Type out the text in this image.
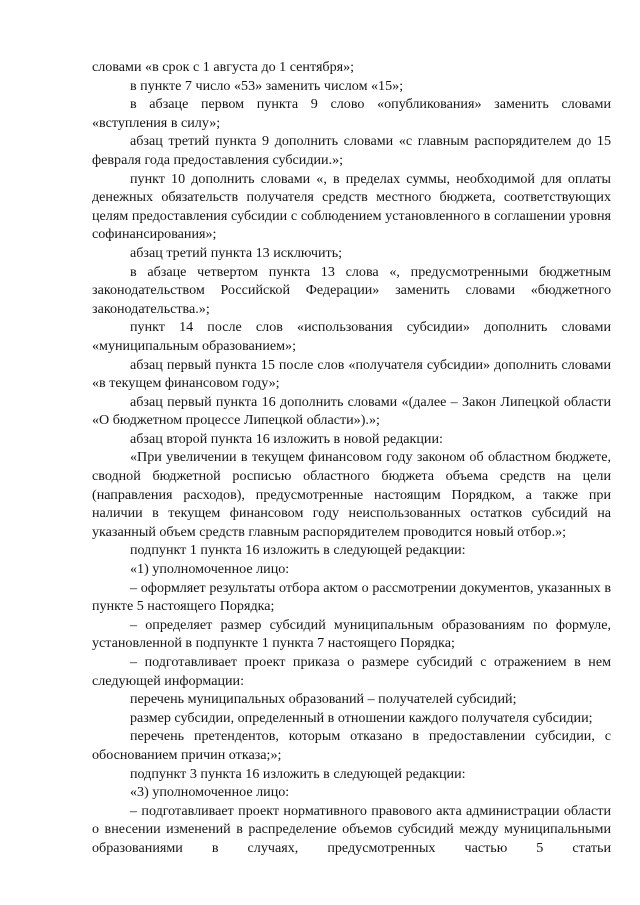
словами «в срок с 1 августа до 1 сентября»;

в пункте 7 число «53» заменить числом «15»;

в абзаце первом пункта 9 слово «опубликования» заменить словами «вступления в силу»;

абзац третий пункта 9 дополнить словами «с главным распорядителем до 15 февраля года предоставления субсидии.»;

пункт 10 дополнить словами «, в пределах суммы, необходимой для оплаты денежных обязательств получателя средств местного бюджета, соответствующих целям предоставления субсидии с соблюдением установленного в соглашении уровня софинансирования»;

абзац третий пункта 13 исключить;

в абзаце четвертом пункта 13 слова «, предусмотренными бюджетным законодательством Российской Федерации» заменить словами «бюджетного законодательства.»;

пункт 14 после слов «использования субсидии» дополнить словами «муниципальным образованием»;

абзац первый пункта 15 после слов «получателя субсидии» дополнить словами «в текущем финансовом году»;

абзац первый пункта 16 дополнить словами «(далее – Закон Липецкой области «О бюджетном процессе Липецкой области»).»;

абзац второй пункта 16 изложить в новой редакции:

«При увеличении в текущем финансовом году законом об областном бюджете, сводной бюджетной росписью областного бюджета объема средств на цели (направления расходов), предусмотренные настоящим Порядком, а также при наличии в текущем финансовом году неиспользованных остатков субсидий на указанный объем средств главным распорядителем проводится новый отбор.»;

подпункт 1 пункта 16 изложить в следующей редакции:

«1) уполномоченное лицо:

– оформляет результаты отбора актом о рассмотрении документов, указанных в пункте 5 настоящего Порядка;

– определяет размер субсидий муниципальным образованиям по формуле, установленной в подпункте 1 пункта 7 настоящего Порядка;

– подготавливает проект приказа о размере субсидий с отражением в нем следующей информации:

перечень муниципальных образований – получателей субсидий;

размер субсидии, определенный в отношении каждого получателя субсидии;

перечень претендентов, которым отказано в предоставлении субсидии, с обоснованием причин отказа;»;

подпункт 3 пункта 16 изложить в следующей редакции:

«3) уполномоченное лицо:

– подготавливает проект нормативного правового акта администрации области о внесении изменений в распределение объемов субсидий между муниципальными образованиями в случаях, предусмотренных частью 5 статьи
